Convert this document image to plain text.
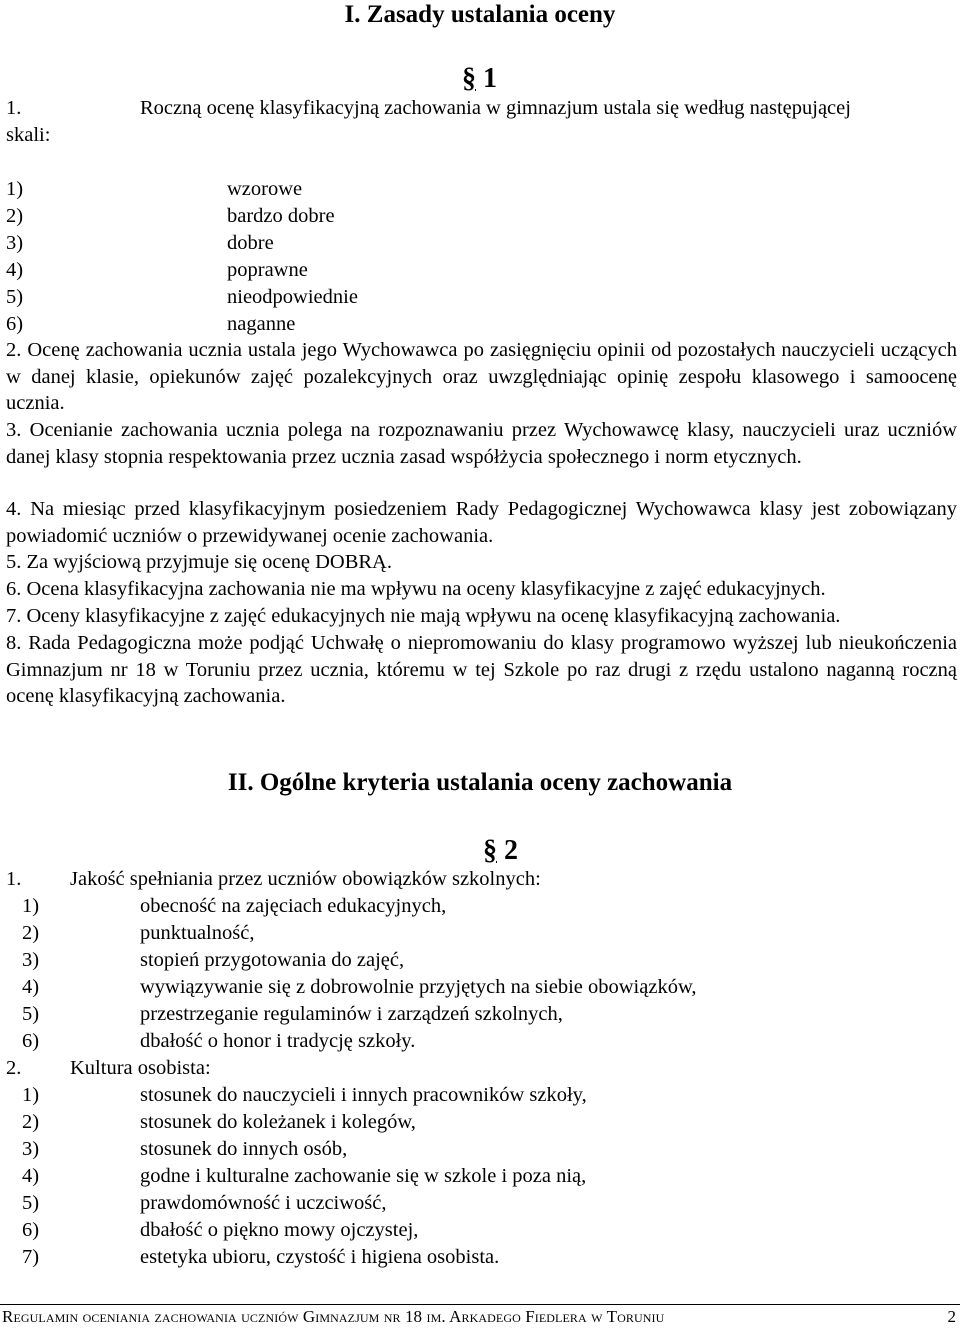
I. Zasady ustalania oceny
§ 1
1.	Roczną ocenę klasyfikacyjną zachowania w gimnazjum ustala się według następującej
skali:
1)	wzorowe
2)	bardzo dobre
3)	dobre
4)	poprawne
5)	nieodpowiednie
6)	naganne
2. Ocenę zachowania ucznia ustala jego Wychowawca po zasięgnięciu opinii od pozostałych nauczycieli uczących w danej klasie, opiekunów zajęć pozalekcyjnych oraz uwzględniając opinię zespołu klasowego i samoocenę ucznia.
3. Ocenianie zachowania ucznia polega na rozpoznawaniu przez Wychowawcę klasy, nauczycieli uraz uczniów danej klasy stopnia respektowania przez ucznia zasad współżycia społecznego i norm etycznych.
4. Na miesiąc przed klasyfikacyjnym posiedzeniem Rady Pedagogicznej Wychowawca klasy jest zobowiązany powiadomić uczniów o przewidywanej ocenie zachowania.
5. Za wyjściową przyjmuje się ocenę DOBRĄ.
6. Ocena klasyfikacyjna zachowania nie ma wpływu na oceny klasyfikacyjne z zajęć edukacyjnych.
7. Oceny klasyfikacyjne z zajęć edukacyjnych nie mają wpływu na ocenę klasyfikacyjną zachowania.
8. Rada Pedagogiczna może podjąć Uchwałę o niepromowaniu do klasy programowo wyższej lub nieukończenia Gimnazjum nr 18 w Toruniu przez ucznia, któremu w tej Szkole po raz drugi z rzędu ustalono naganną roczną ocenę klasyfikacyjną zachowania.
II. Ogólne kryteria ustalania oceny zachowania
§ 2
1. Jakość spełniania przez uczniów obowiązków szkolnych:
1)	obecność na zajęciach edukacyjnych,
2)	punktualność,
3)	stopień przygotowania do zajęć,
4)	wywiązywanie się z dobrowolnie przyjętych na siebie obowiązków,
5)	przestrzeganie regulaminów i zarządzeń szkolnych,
6)	dbałość o honor i tradycję szkoły.
2. Kultura osobista:
1)	stosunek do nauczycieli i innych pracowników szkoły,
2)	stosunek do koleżanek i kolegów,
3)	stosunek do innych osób,
4)	godne i kulturalne zachowanie się w szkole i poza nią,
5)	prawdomówność i uczciwość,
6)	dbałość o piękno mowy ojczystej,
7)	estetyka ubioru, czystość i higiena osobista.
Regulamin oceniania zachowania uczniów Gimnazjum nr 18 im. Arkadego Fiedlera w Toruniu	2
